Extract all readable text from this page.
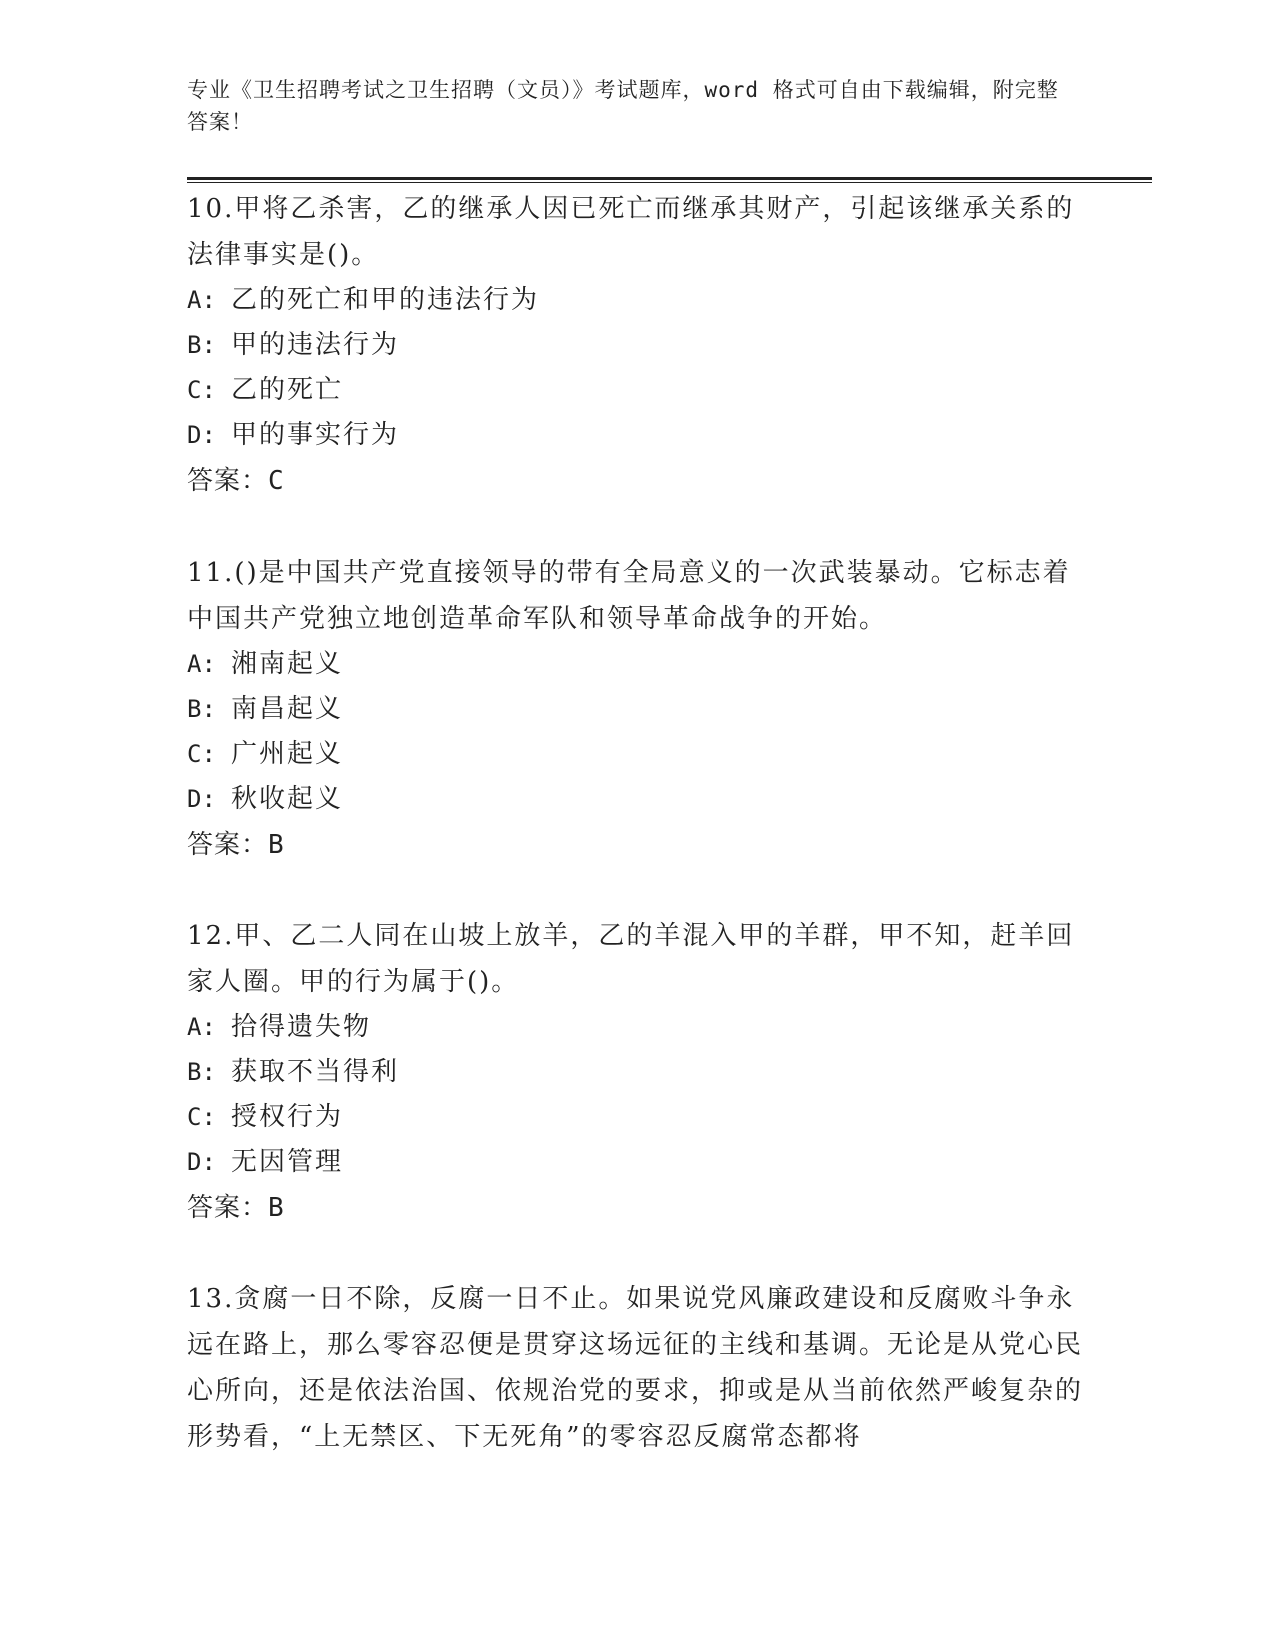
专业《卫生招聘考试之卫生招聘（文员）》考试题库，word 格式可自由下载编辑，附完整答案！

10.甲将乙杀害，乙的继承人因已死亡而继承其财产，引起该继承关系的法律事实是()。

A: 乙的死亡和甲的违法行为

B: 甲的违法行为

C: 乙的死亡

D: 甲的事实行为

答案：C

11.()是中国共产党直接领导的带有全局意义的一次武装暴动。它标志着中国共产党独立地创造革命军队和领导革命战争的开始。

A: 湘南起义

B: 南昌起义

C: 广州起义

D: 秋收起义

答案：B

12.甲、乙二人同在山坡上放羊，乙的羊混入甲的羊群，甲不知，赶羊回家人圈。甲的行为属于()。

A: 拾得遗失物

B: 获取不当得利

C: 授权行为

D: 无因管理

答案：B

13.贪腐一日不除，反腐一日不止。如果说党风廉政建设和反腐败斗争永远在路上，那么零容忍便是贯穿这场远征的主线和基调。无论是从党心民心所向，还是依法治国、依规治党的要求，抑或是从当前依然严峻复杂的形势看，“上无禁区、下无死角”的零容忍反腐常态都将
